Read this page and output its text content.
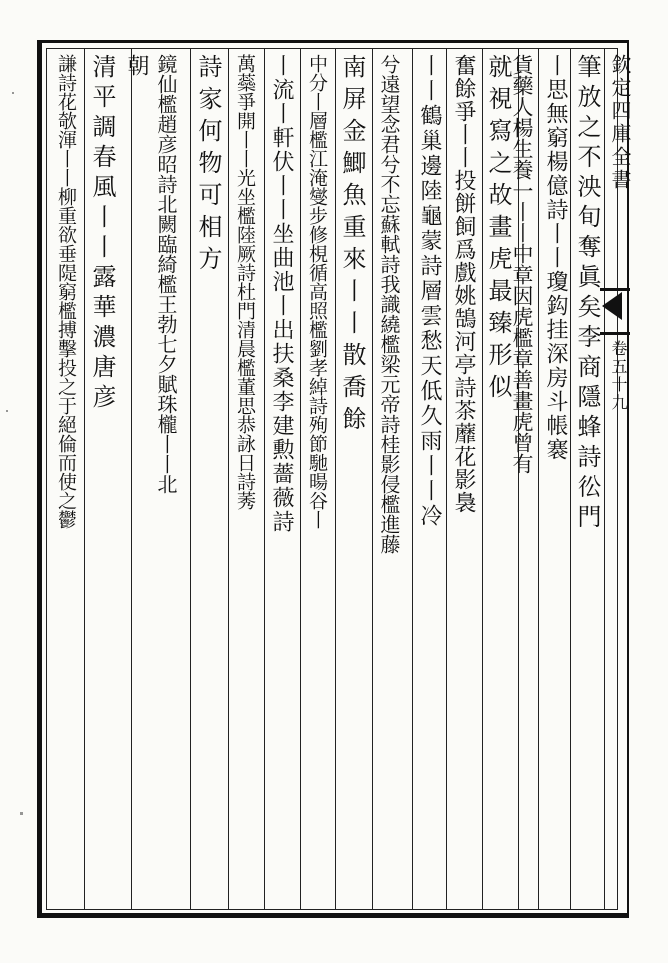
欽定四庫全書
卷五十九
筆放之不泱旬奪眞矣李商隱蜂詩彸門
丨思無窮楊億詩丨丨瓊鈎挂深房斗帳褰
貨藥人楊生養一丨丨中章因虎檻章善畫虎曾有
就視寫之故畫虎最臻形似
奮餘爭丨丨投餅飼爲戲姚鵠河亭詩茶蘼花影裊
丨丨鶴巢邊陸龜蒙詩層雲愁天低久雨丨丨冷
兮遠望念君兮不忘蘇軾詩我識繞檻梁元帝詩桂影侵檻進藤
南屏金鯽魚重來丨丨散喬餘
中分丨層檻江淹燮步修梘循高照檻劉孝綽詩殉節馳暘谷丨
丨流丨軒伏丨丨坐曲池丨出扶桑李建勲薔薇詩
萬蘂爭開丨丨光坐檻陸厥詩杜門清晨檻董思恭詠日詩莠
詩家何物可相方
鏡仙檻趙彦昭詩北闕臨綺檻王勃七夕賦珠櫳丨丨北
朝
清平調春風丨丨露華濃唐彦
謙詩花欹渾丨丨柳重欲垂隄窮檻搏擊投之于絕倫而使之鬱
